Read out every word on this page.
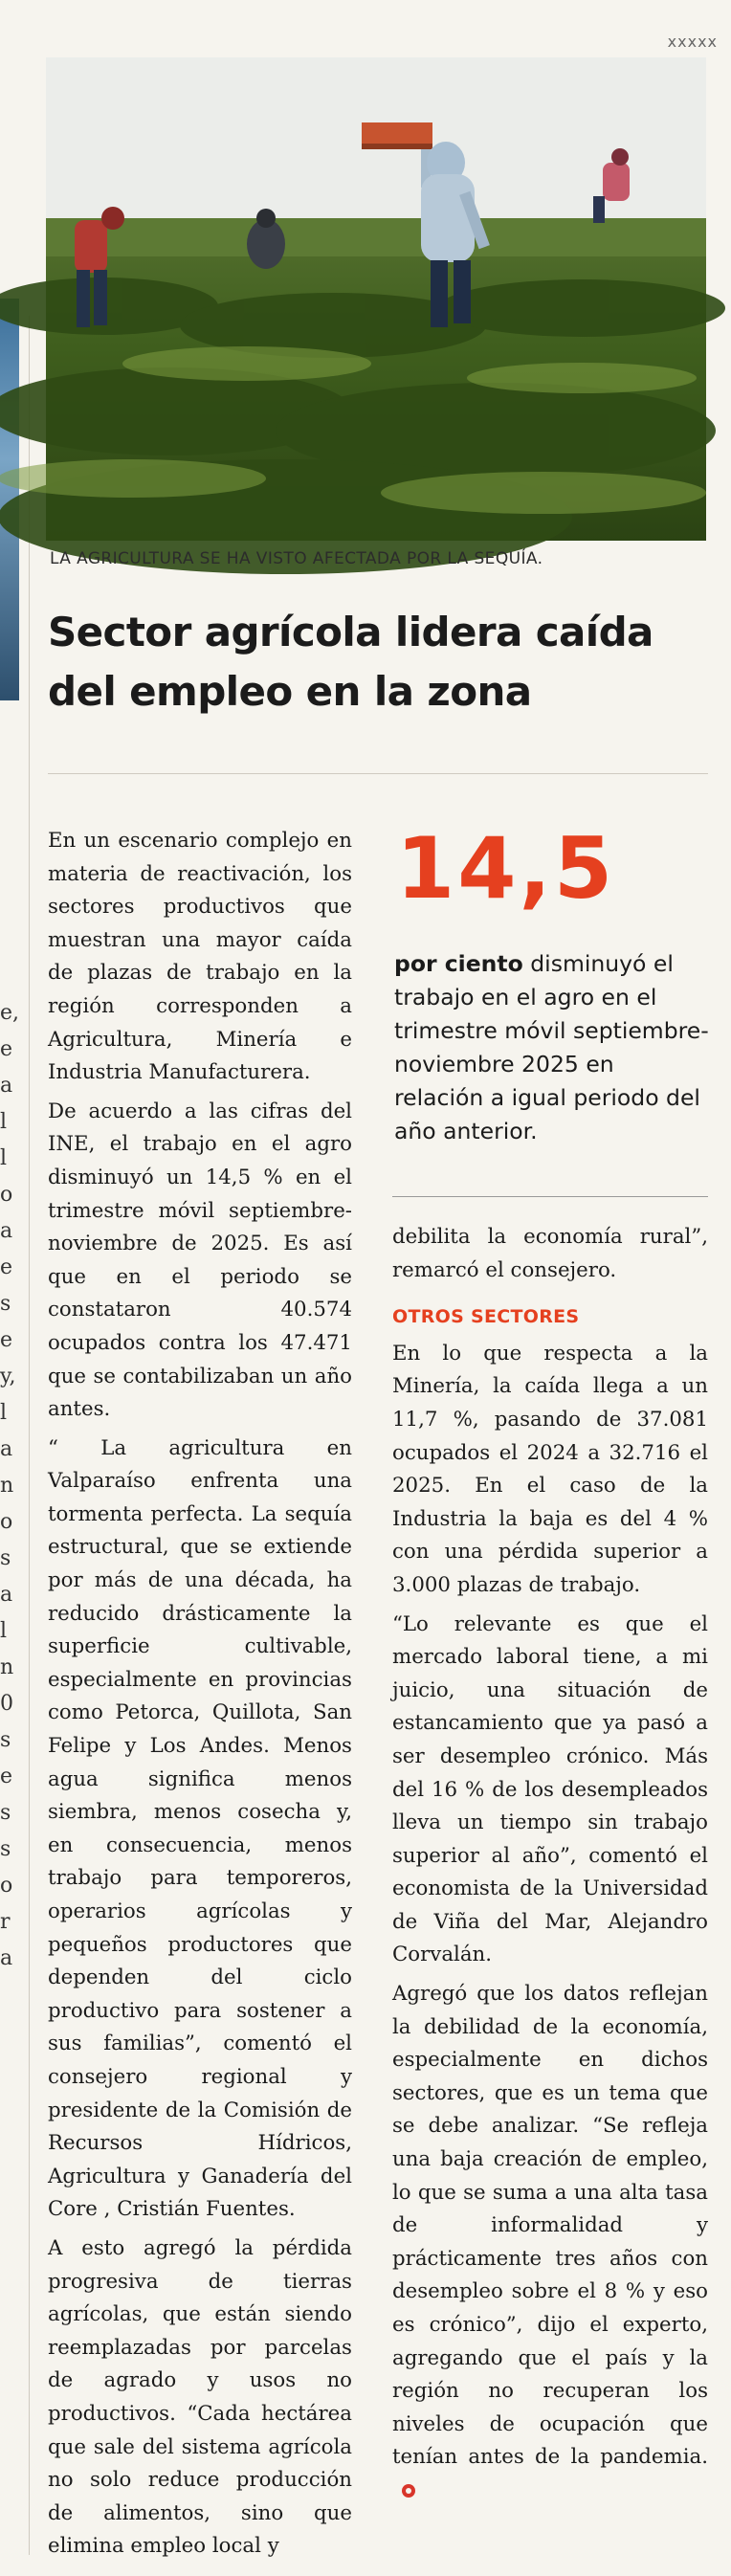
xxxxx
e,
e
a
l
l
o
a
e
s
e
y,
l
a
n
o
s
a
l
n
0
s
e
s
s
o
r
a
LA AGRICULTURA SE HA VISTO AFECTADA POR LA SEQUÍA.
Sector agrícola lidera caída del empleo en la zona

En un escenario complejo en materia de reactivación, los sectores productivos que muestran una mayor caída de plazas de trabajo en la región corresponden a Agricultura, Minería e Industria Manufacturera.

De acuerdo a las cifras del INE, el trabajo en el agro disminuyó un 14,5 % en el trimestre móvil septiembre-noviembre de 2025. Es así que en el periodo se constataron 40.574 ocupados contra los 47.471 que se contabilizaban un año antes.

“ La agricultura en Valparaíso enfrenta una tormenta perfecta. La sequía estructural, que se extiende por más de una década, ha reducido drásticamente la superficie cultivable, especialmente en provincias como Petorca, Quillota, San Felipe y Los Andes. Menos agua significa menos siembra, menos cosecha y, en consecuencia, menos trabajo para temporeros, operarios agrícolas y pequeños productores que dependen del ciclo productivo para sostener a sus familias”, comentó el consejero regional y presidente de la Comisión de Recursos Hídricos, Agricultura y Ganadería del Core , Cristián Fuentes.

A esto agregó la pérdida progresiva de tierras agrícolas, que están siendo reemplazadas por parcelas de agrado y usos no productivos. “Cada hectárea que sale del sistema agrícola no solo reduce producción de alimentos, sino que elimina empleo local y

14,5
por ciento disminuyó el trabajo en el agro en el trimestre móvil septiembre-noviembre 2025 en relación a igual periodo del año anterior.

debilita la economía rural”, remarcó el consejero.

OTROS SECTORES

En lo que respecta a la Minería, la caída llega a un 11,7 %, pasando de 37.081 ocupados el 2024 a 32.716 el 2025. En el caso de la Industria la baja es del 4 % con una pérdida superior a 3.000 plazas de trabajo.

“Lo relevante es que el mercado laboral tiene, a mi juicio, una situación de estancamiento que ya pasó a ser desempleo crónico. Más del 16 % de los desempleados lleva un tiempo sin trabajo superior al año”, comentó el economista de la Universidad de Viña del Mar, Alejandro Corvalán.

Agregó que los datos reflejan la debilidad de la economía, especialmente en dichos sectores, que es un tema que se debe analizar. “Se refleja una baja creación de empleo, lo que se suma a una alta tasa de informalidad y prácticamente tres años con desempleo sobre el 8 % y eso es crónico”, dijo el experto, agregando que el país y la región no recuperan los niveles de ocupación que tenían antes de la pandemia.
